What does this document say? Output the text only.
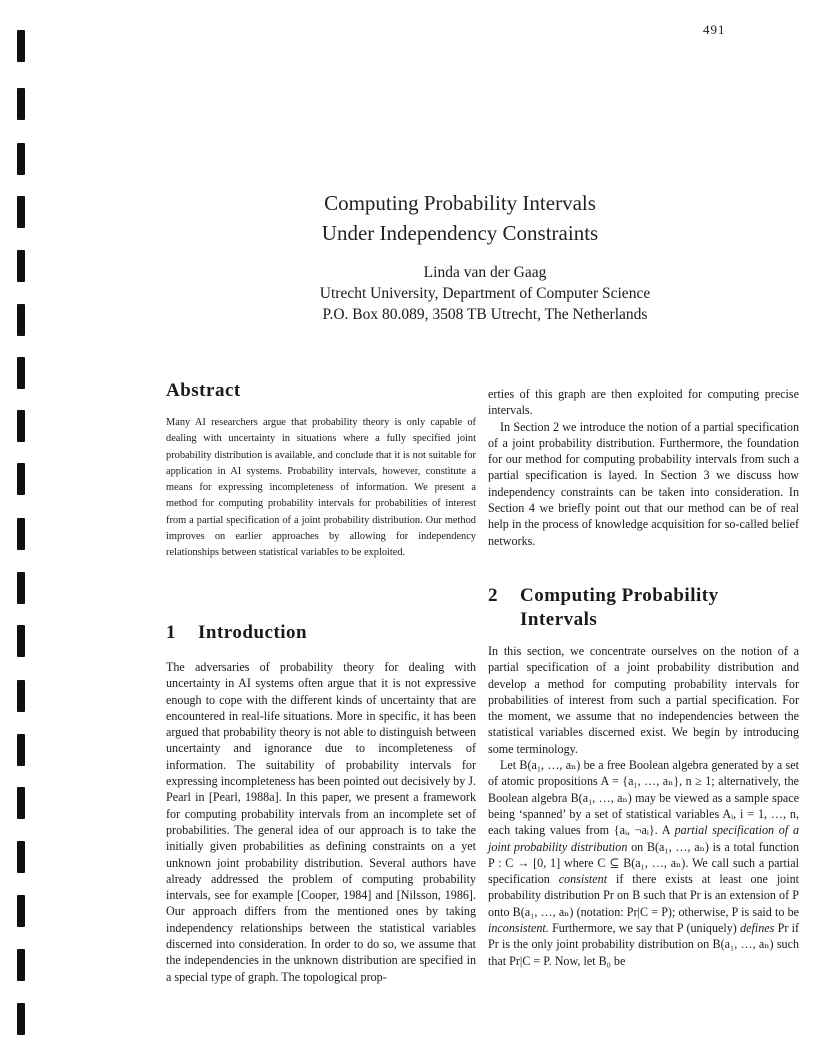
491
Computing Probability Intervals
Under Independency Constraints
Linda van der Gaag
Utrecht University, Department of Computer Science
P.O. Box 80.089, 3508 TB Utrecht, The Netherlands
Abstract
Many AI researchers argue that probability theory is only capable of dealing with uncertainty in situations where a fully specified joint probability distribution is available, and conclude that it is not suitable for application in AI systems. Probability intervals, however, constitute a means for expressing incompleteness of information. We present a method for computing probability intervals for probabilities of interest from a partial specification of a joint probability distribution. Our method improves on earlier approaches by allowing for independency relationships between statistical variables to be exploited.
1 Introduction
The adversaries of probability theory for dealing with uncertainty in AI systems often argue that it is not expressive enough to cope with the different kinds of uncertainty that are encountered in real-life situations. More in specific, it has been argued that probability theory is not able to distinguish between uncertainty and ignorance due to incompleteness of information. The suitability of probability intervals for expressing incompleteness has been pointed out decisively by J. Pearl in [Pearl, 1988a]. In this paper, we present a framework for computing probability intervals from an incomplete set of probabilities. The general idea of our approach is to take the initially given probabilities as defining constraints on a yet unknown joint probability distribution. Several authors have already addressed the problem of computing probability intervals, see for example [Cooper, 1984] and [Nilsson, 1986]. Our approach differs from the mentioned ones by taking independency relationships between the statistical variables discerned into consideration. In order to do so, we assume that the independencies in the unknown distribution are specified in a special type of graph. The topological prop-

erties of this graph are then exploited for computing precise intervals.

In Section 2 we introduce the notion of a partial specification of a joint probability distribution. Furthermore, the foundation for our method for computing probability intervals from such a partial specification is layed. In Section 3 we discuss how independency constraints can be taken into consideration. In Section 4 we briefly point out that our method can be of real help in the process of knowledge acquisition for so-called belief networks.

2	Computing Probability Intervals

In this section, we concentrate ourselves on the notion of a partial specification of a joint probability distribution and develop a method for computing probability intervals for probabilities of interest from such a partial specification. For the moment, we assume that no independencies between the statistical variables discerned exist. We begin by introducing some terminology.

Let B(a₁, …, aₙ) be a free Boolean algebra generated by a set of atomic propositions A = {a₁, …, aₙ}, n ≥ 1; alternatively, the Boolean algebra B(a₁, …, aₙ) may be viewed as a sample space being ‘spanned’ by a set of statistical variables Aᵢ, i = 1, …, n, each taking values from {aᵢ, ¬aᵢ}. A partial specification of a joint probability distribution on B(a₁, …, aₙ) is a total function P : C → [0, 1] where C ⊆ B(a₁, …, aₙ). We call such a partial specification consistent if there exists at least one joint probability distribution Pr on B such that Pr is an extension of P onto B(a₁, …, aₙ) (notation: Pr|C = P); otherwise, P is said to be inconsistent. Furthermore, we say that P (uniquely) defines Pr if Pr is the only joint probability distribution on B(a₁, …, aₙ) such that Pr|C = P. Now, let B₀ be
